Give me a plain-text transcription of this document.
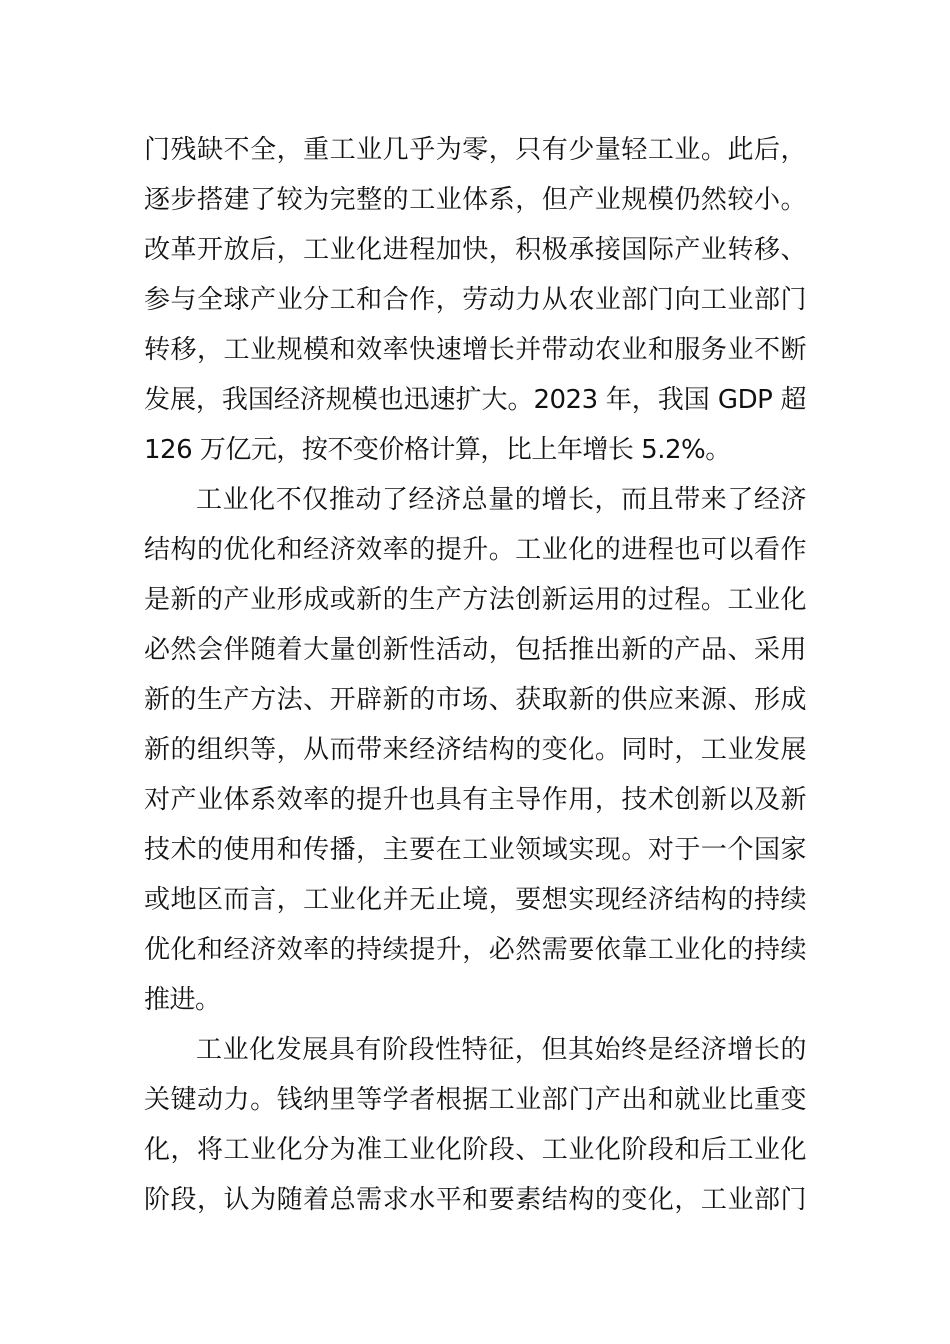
门残缺不全，重工业几乎为零，只有少量轻工业。此后，
逐步搭建了较为完整的工业体系，但产业规模仍然较小。
改革开放后，工业化进程加快，积极承接国际产业转移、
参与全球产业分工和合作，劳动力从农业部门向工业部门
转移，工业规模和效率快速增长并带动农业和服务业不断
发展，我国经济规模也迅速扩大。2023 年，我国 GDP 超
126 万亿元，按不变价格计算，比上年增长 5.2%。
工业化不仅推动了经济总量的增长，而且带来了经济
结构的优化和经济效率的提升。工业化的进程也可以看作
是新的产业形成或新的生产方法创新运用的过程。工业化
必然会伴随着大量创新性活动，包括推出新的产品、采用
新的生产方法、开辟新的市场、获取新的供应来源、形成
新的组织等，从而带来经济结构的变化。同时，工业发展
对产业体系效率的提升也具有主导作用，技术创新以及新
技术的使用和传播，主要在工业领域实现。对于一个国家
或地区而言，工业化并无止境，要想实现经济结构的持续
优化和经济效率的持续提升，必然需要依靠工业化的持续
推进。
工业化发展具有阶段性特征，但其始终是经济增长的
关键动力。钱纳里等学者根据工业部门产出和就业比重变
化，将工业化分为准工业化阶段、工业化阶段和后工业化
阶段，认为随着总需求水平和要素结构的变化，工业部门
